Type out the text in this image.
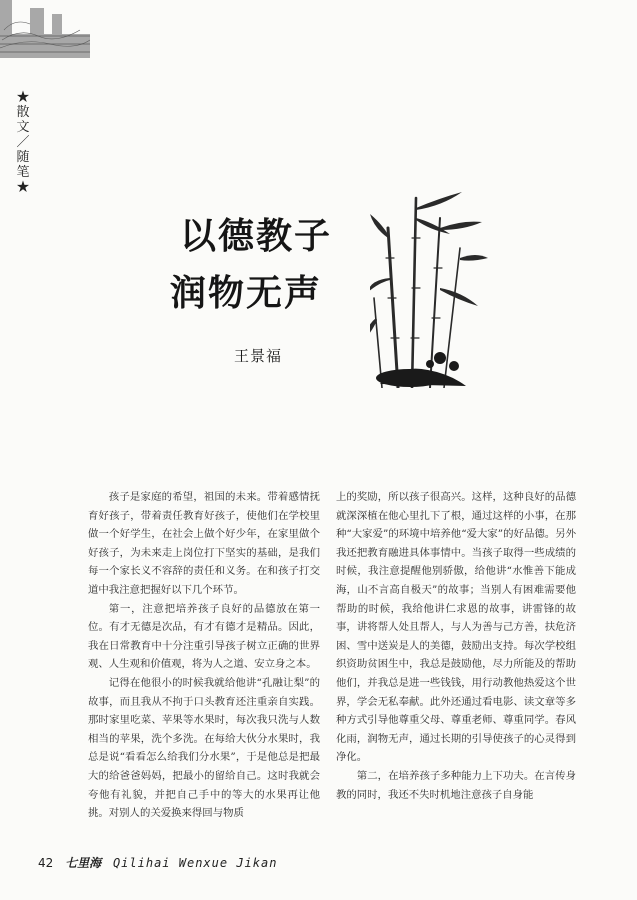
★散文／随笔★
以德教子
润物无声
王景福

孩子是家庭的希望，祖国的未来。带着感情抚育好孩子，带着责任教育好孩子，使他们在学校里做一个好学生，在社会上做个好少年，在家里做个好孩子，为未来走上岗位打下坚实的基础，是我们每一个家长义不容辞的责任和义务。在和孩子打交道中我注意把握好以下几个环节。

第一，注意把培养孩子良好的品德放在第一位。有才无德是次品，有才有德才是精品。因此，我在日常教育中十分注重引导孩子树立正确的世界观、人生观和价值观，将为人之道、安立身之本。

记得在他很小的时候我就给他讲“孔融让梨”的故事，而且我从不拘于口头教育还注重亲自实践。那时家里吃菜、苹果等水果时，每次我只洗与人数相当的苹果，洗个多洗。在每给大伙分水果时，我总是说“看看怎么给我们分水果”，于是他总是把最大的给爸爸妈妈，把最小的留给自己。这时我就会夸他有礼貌，并把自己手中的等大的水果再让他挑。对别人的关爱换来得回与物质

上的奖励，所以孩子很高兴。这样，这种良好的品德就深深植在他心里扎下了根，通过这样的小事，在那种“大家爱”的环境中培养他“爱大家”的好品德。另外我还把教育融进具体事情中。当孩子取得一些成绩的时候，我注意提醒他别骄傲，给他讲“水惟善下能成海，山不言高自极天”的故事；当别人有困难需要他帮助的时候，我给他讲仁求恩的故事，讲雷锋的故事，讲将帮人处且帮人，与人为善与己方善，扶危济困、雪中送炭是人的美德，鼓励出支持。每次学校组织资助贫困生中，我总是鼓励他，尽力所能及的帮助他们，并我总是进一些钱钱，用行动教他热爱这个世界，学会无私奉献。此外还通过看电影、读文章等多种方式引导他尊重父母、尊重老师、尊重同学。春风化雨，润物无声，通过长期的引导使孩子的心灵得到净化。

第二，在培养孩子多种能力上下功夫。在言传身教的同时，我还不失时机地注意孩子自身能

42 七里海 Qilihai Wenxue Jikan
